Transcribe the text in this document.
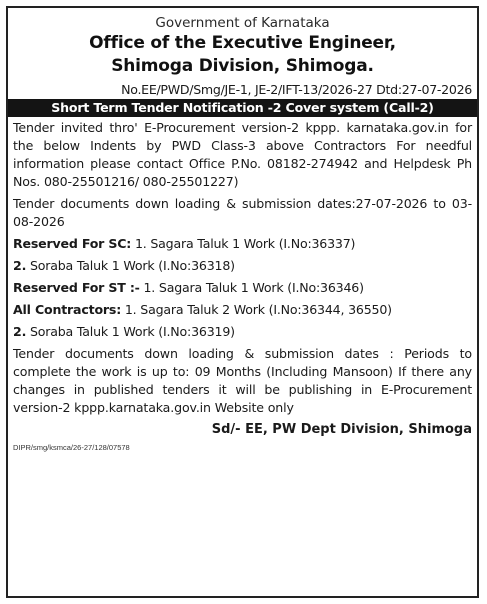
Government of Karnataka
Office of the Executive Engineer,
Shimoga Division, Shimoga.
No.EE/PWD/Smg/JE-1, JE-2/IFT-13/2026-27 Dtd:27-07-2026
Short Term Tender Notification -2 Cover system (Call-2)
Tender invited thro' E-Procurement version-2 kppp. karnataka.gov.in for the below Indents by PWD Class-3 above Contractors For needful information please contact Office P.No. 08182-274942 and Helpdesk Ph Nos. 080-25501216/ 080-25501227)
Tender documents down loading & submission dates:27-07-2026 to 03-08-2026
Reserved For SC: 1. Sagara Taluk 1 Work (I.No:36337)
2. Soraba Taluk 1 Work (I.No:36318)
Reserved For ST :- 1. Sagara Taluk 1 Work (I.No:36346)
All Contractors: 1. Sagara Taluk 2 Work (I.No:36344, 36550)
2. Soraba Taluk 1 Work (I.No:36319)
Tender documents down loading & submission dates : Periods to complete the work is up to: 09 Months (Including Mansoon) If there any changes in published tenders it will be publishing in E-Procurement version-2 kppp.karnataka.gov.in Website only
Sd/- EE, PW Dept Division, Shimoga
DIPR/smg/ksmca/26-27/128/07578
